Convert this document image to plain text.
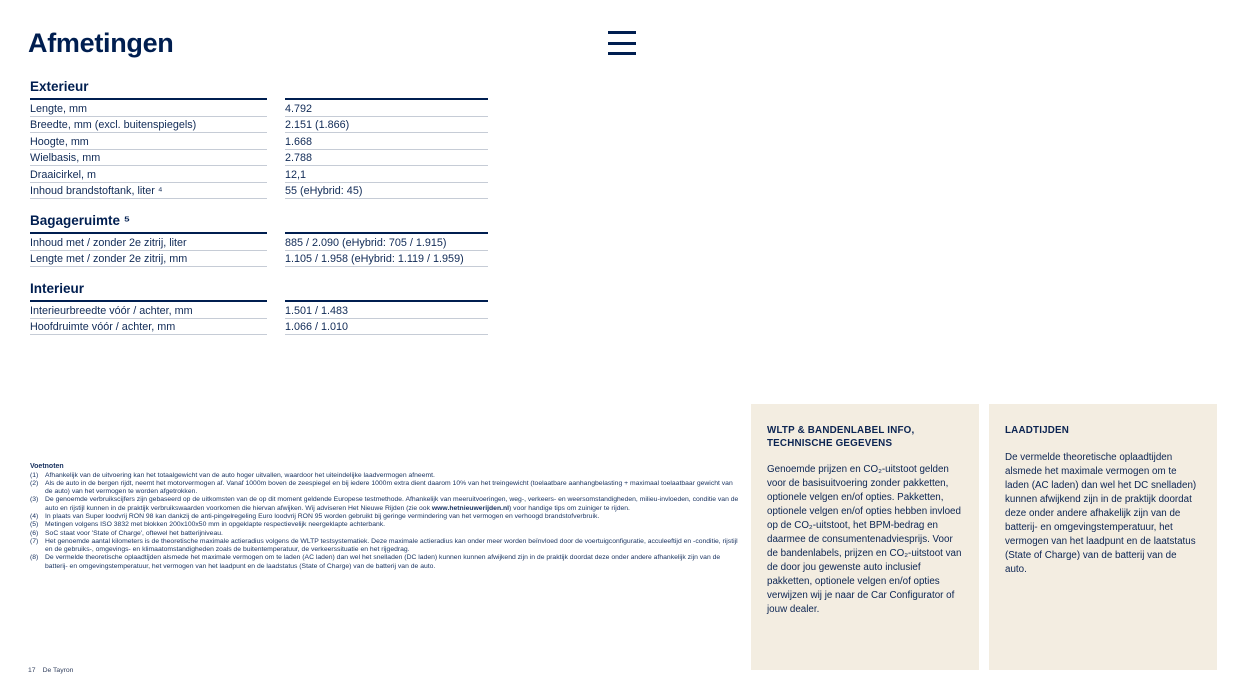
Afmetingen
Exterieur
Lengte, mm	4.792
Breedte, mm (excl. buitenspiegels)	2.151 (1.866)
Hoogte, mm	1.668
Wielbasis, mm	2.788
Draaicirkel, m	12,1
Inhoud brandstoftank, liter ⁴	55 (eHybrid: 45)
Bagageruimte ⁵
Inhoud met / zonder 2e zitrij, liter	885 / 2.090 (eHybrid: 705 / 1.915)
Lengte met / zonder 2e zitrij, mm	1.105 / 1.958 (eHybrid: 1.119 / 1.959)
Interieur
Interieurbreedte vóór / achter, mm	1.501 / 1.483
Hoofdruimte vóór / achter, mm	1.066 / 1.010
Voetnoten
(1) Afhankelijk van de uitvoering kan het totaalgewicht van de auto hoger uitvallen, waardoor het uiteindelijke laadvermogen afneemt.
(2) Als de auto in de bergen rijdt, neemt het motorvermogen af. Vanaf 1000m boven de zeespiegel en bij iedere 1000m extra dient daarom 10% van het treingewicht (toelaatbare aanhangbelasting + maximaal toelaatbaar gewicht van de auto) van het vermogen te worden afgetrokken.
(3) De genoemde verbruikscijfers zijn gebaseerd op de uitkomsten van de op dit moment geldende Europese testmethode. Afhankelijk van meeruitvoeringen, weg-, verkeers- en weersomstandigheden, milieu-invloeden, conditie van de auto en rijstijl kunnen in de praktijk verbruikswaarden voorkomen die hiervan afwijken. Wij adviseren Het Nieuwe Rijden (zie ook www.hetnieuwerijden.nl) voor handige tips om zuiniger te rijden.
(4) In plaats van Super loodvrij RON 98 kan dankzij de anti-pingelregeling Euro loodvrij RON 95 worden gebruikt bij geringe vermindering van het vermogen en verhoogd brandstofverbruik.
(5) Metingen volgens ISO 3832 met blokken 200x100x50 mm in opgeklapte respectievelijk neergeklapte achterbank.
(6) SoC staat voor 'State of Charge', oftewel het batterijniveau.
(7) Het genoemde aantal kilometers is de theoretische maximale actieradius volgens de WLTP testsystematiek. Deze maximale actieradius kan onder meer worden beïnvloed door de voertuigconfiguratie, acculeeftijd en -conditie, rijstijl en de gebruiks-, omgevings- en klimaatomstandigheden zoals de buitentemperatuur, de verkeerssituatie en het rijgedrag.
(8) De vermelde theoretische oplaadtijden alsmede het maximale vermogen om te laden (AC laden) dan wel het snelladen (DC laden) kunnen kunnen afwijkend zijn in de praktijk doordat deze onder andere afhankelijk zijn van de batterij- en omgevingstemperatuur, het vermogen van het laadpunt en de laadstatus (State of Charge) van de batterij van de auto.
WLTP & BANDENLABEL INFO,
TECHNISCHE GEGEVENS
Genoemde prijzen en CO₂-uitstoot gelden voor de basisuitvoering zonder pakketten, optionele velgen en/of opties. Pakketten, optionele velgen en/of opties hebben invloed op de CO₂-uitstoot, het BPM-bedrag en daarmee de consumentenadviesprijs. Voor de bandenlabels, prijzen en CO₂-uitstoot van de door jou gewenste auto inclusief pakketten, optionele velgen en/of opties verwijzen wij je naar de Car Configurator of jouw dealer.
LAADTIJDEN
De vermelde theoretische oplaadtijden alsmede het maximale vermogen om te laden (AC laden) dan wel het DC snelladen) kunnen afwijkend zijn in de praktijk doordat deze onder andere afhakelijk zijn van de batterij- en omgevingstemperatuur, het vermogen van het laadpunt en de laatstatus (State of Charge) van de batterij van de auto.
17 De Tayron
